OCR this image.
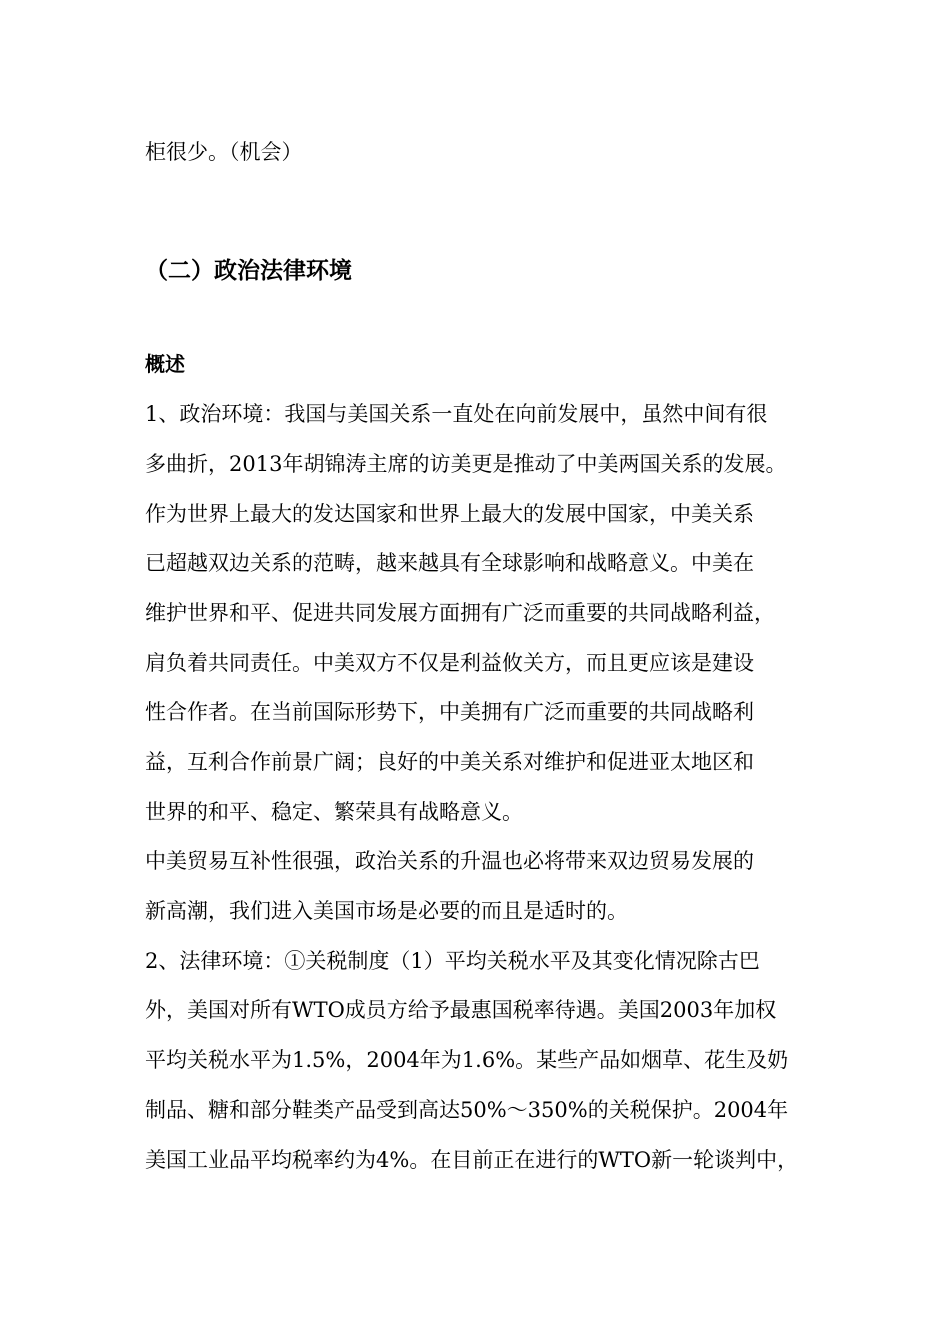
柜很少。（机会）
（二）政治法律环境
概述
1、政治环境：我国与美国关系一直处在向前发展中，虽然中间有很
多曲折，2013年胡锦涛主席的访美更是推动了中美两国关系的发展。
作为世界上最大的发达国家和世界上最大的发展中国家，中美关系
已超越双边关系的范畴，越来越具有全球影响和战略意义。中美在
维护世界和平、促进共同发展方面拥有广泛而重要的共同战略利益，
肩负着共同责任。中美双方不仅是利益攸关方，而且更应该是建设
性合作者。在当前国际形势下，中美拥有广泛而重要的共同战略利
益，互利合作前景广阔；良好的中美关系对维护和促进亚太地区和
世界的和平、稳定、繁荣具有战略意义。
中美贸易互补性很强，政治关系的升温也必将带来双边贸易发展的
新高潮，我们进入美国市场是必要的而且是适时的。
2、法律环境：①关税制度（1）平均关税水平及其变化情况除古巴
外，美国对所有WTO成员方给予最惠国税率待遇。美国2003年加权
平均关税水平为1.5%，2004年为1.6%。某些产品如烟草、花生及奶
制品、糖和部分鞋类产品受到高达50%～350%的关税保护。2004年
美国工业品平均税率约为4%。在目前正在进行的WTO新一轮谈判中，
